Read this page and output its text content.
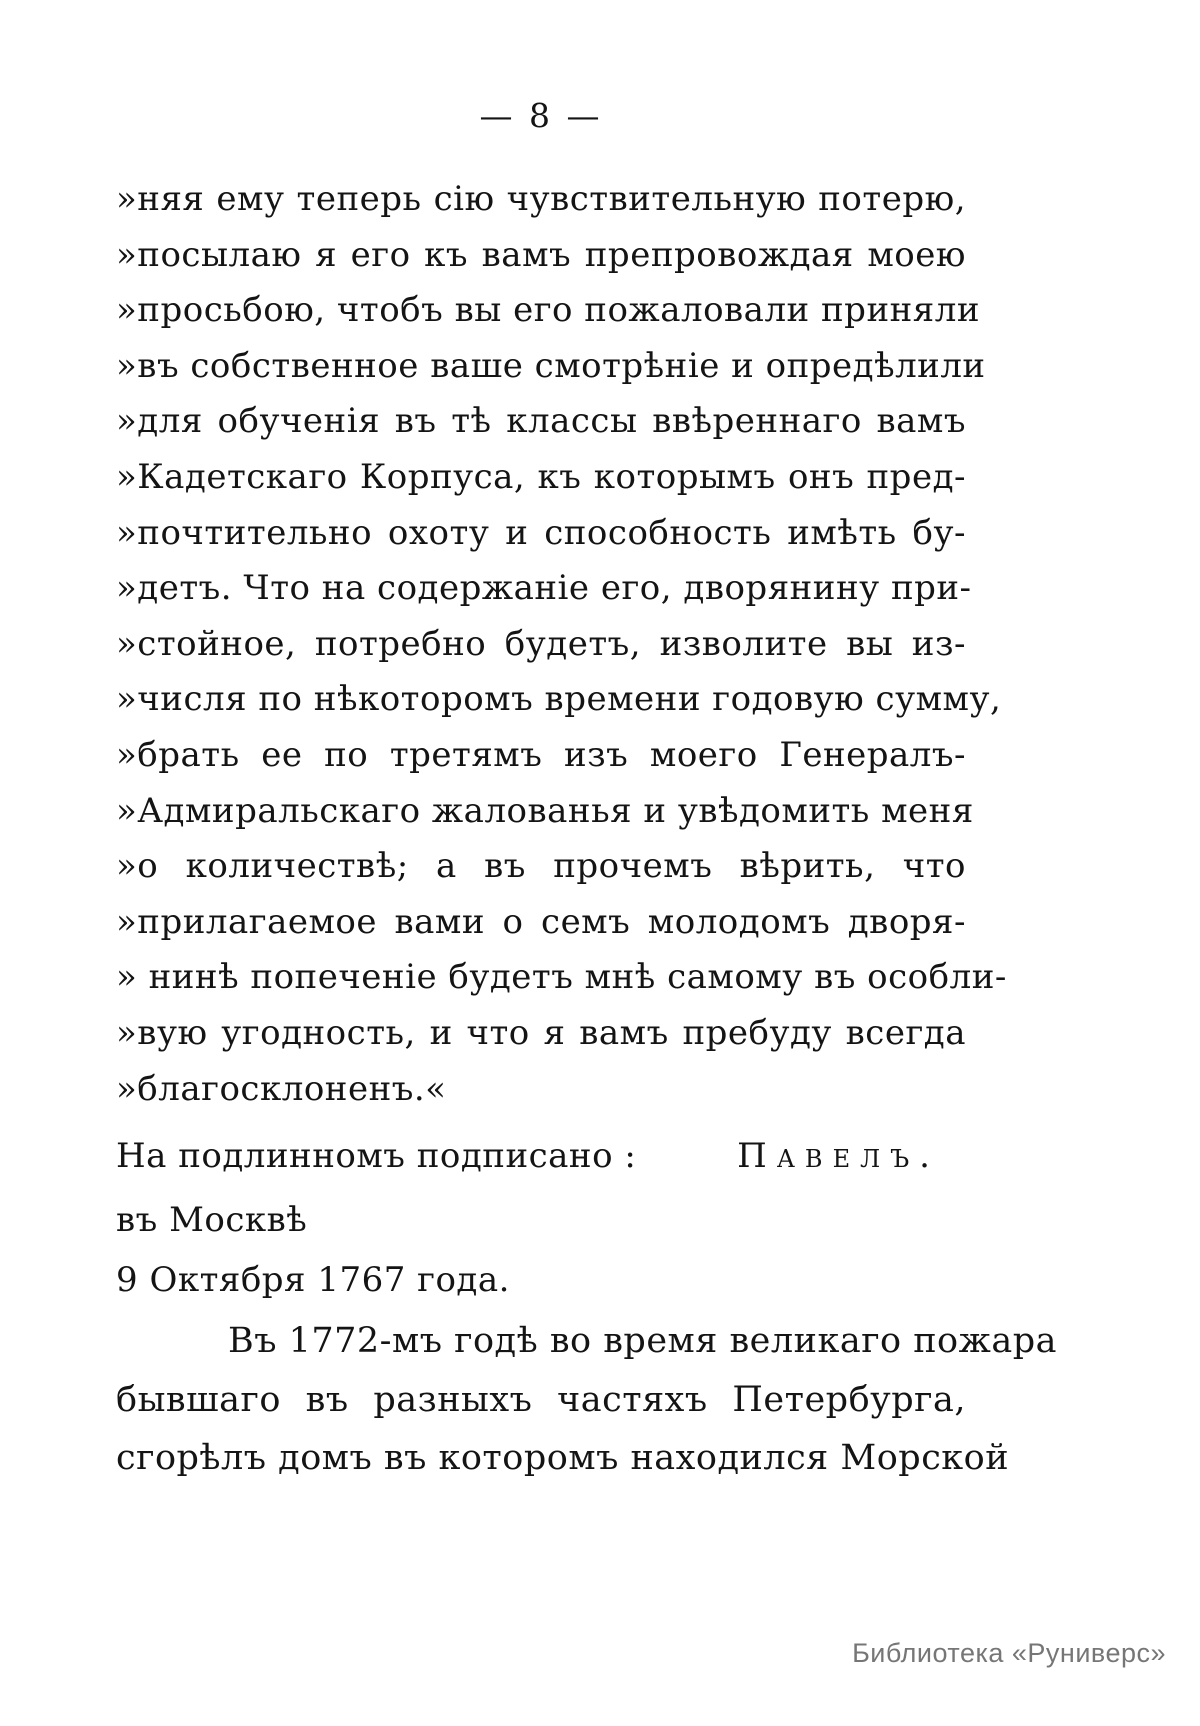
— 8 —
»няя ему теперь сію чувствительную потерю,
»посылаю я его къ вамъ препровождая моею
»просьбою, чтобъ вы его пожаловали приняли
»въ собственное ваше смотрѣніе и опредѣлили
»для обученія въ тѣ классы ввѣреннаго вамъ
»Кадетскаго Корпуса, къ которымъ онъ пред-
»почтительно охоту и способность имѣть бу-
»детъ. Что на содержаніе его, дворянину при-
»стойное, потребно будетъ, изволите вы из-
»числя по нѣкоторомъ времени годовую сумму,
»брать ее по третямъ изъ моего Генералъ-
»Адмиральскаго жалованья и увѣдомить меня
»о количествѣ; а въ прочемъ вѣрить, что
»прилагаемое вами о семъ молодомъ дворя-
» нинѣ попеченіе будетъ мнѣ самому въ особли-
»вую угодность, и что я вамъ пребуду всегда
»благосклоненъ.«
На подлинномъ подписано :	Павелъ.
въ Москвѣ
9 Октября 1767 года.
Въ 1772-мъ годѣ во время великаго пожара
бывшаго въ разныхъ частяхъ Петербурга,
сгорѣлъ домъ въ которомъ находился Морской
Библиотека «Руниверс»
